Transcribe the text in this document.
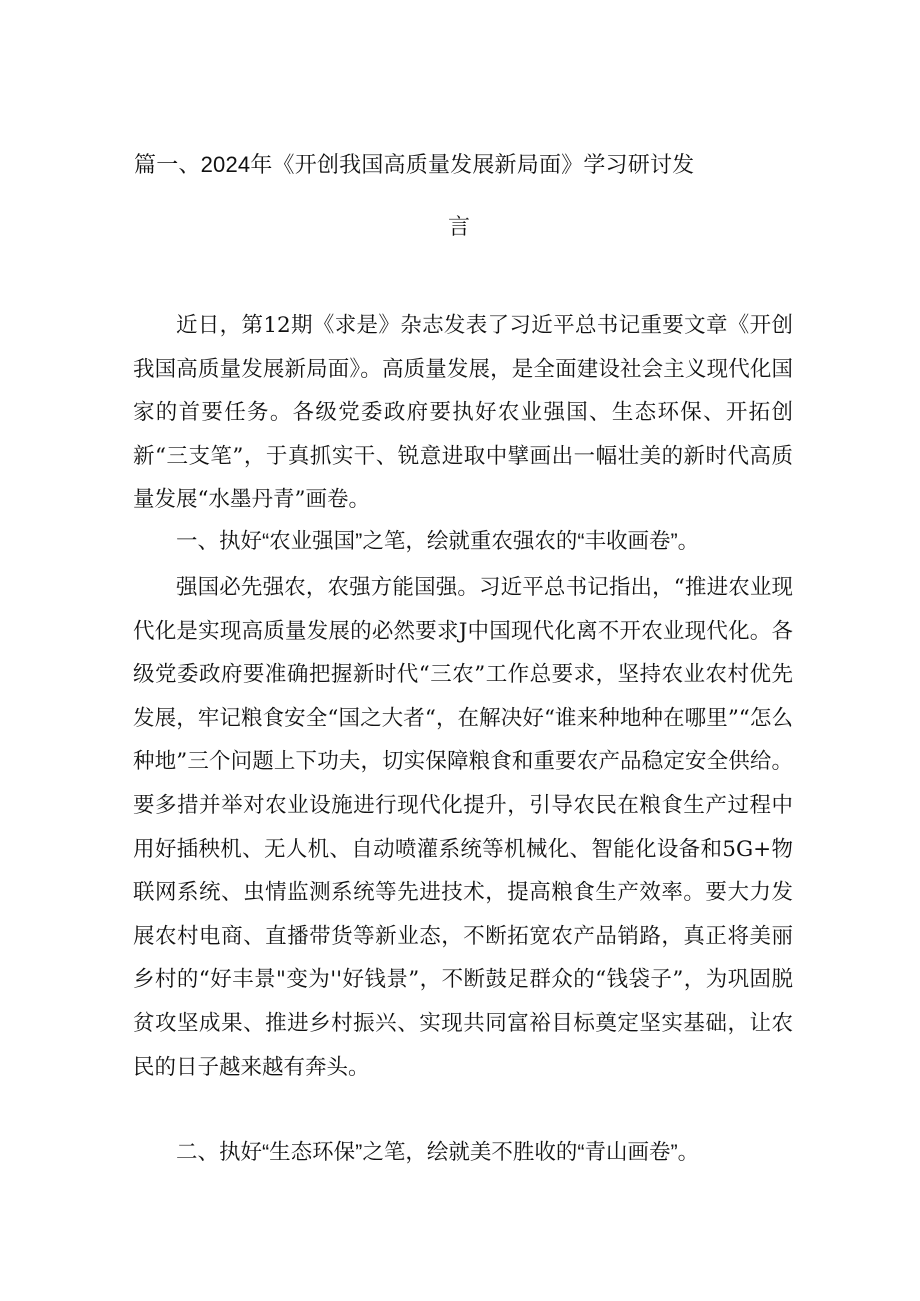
篇一、2024年《开创我国高质量发展新局面》学习研讨发
言

近日，第12期《求是》杂志发表了习近平总书记重要文章《开创我国高质量发展新局面》。高质量发展，是全面建设社会主义现代化国家的首要任务。各级党委政府要执好农业强国、生态环保、开拓创新“三支笔”，于真抓实干、锐意进取中擘画出一幅壮美的新时代高质量发展“水墨丹青”画卷。

一、执好“农业强国”之笔，绘就重农强农的“丰收画卷”。

强国必先强农，农强方能国强。习近平总书记指出，“推进农业现代化是实现高质量发展的必然要求J中国现代化离不开农业现代化。各级党委政府要准确把握新时代“三农”工作总要求，坚持农业农村优先发展，牢记粮食安全“国之大者“，在解决好“谁来种地种在哪里”“怎么种地”三个问题上下功夫，切实保障粮食和重要农产品稳定安全供给。要多措并举对农业设施进行现代化提升，引导农民在粮食生产过程中用好插秧机、无人机、自动喷灌系统等机械化、智能化设备和5G+物联网系统、虫情监测系统等先进技术，提高粮食生产效率。要大力发展农村电商、直播带货等新业态，不断拓宽农产品销路，真正将美丽乡村的“好丰景"变为''好钱景”，不断鼓足群众的“钱袋子”，为巩固脱贫攻坚成果、推进乡村振兴、实现共同富裕目标奠定坚实基础，让农民的日子越来越有奔头。

二、执好“生态环保”之笔，绘就美不胜收的“青山画卷”。
